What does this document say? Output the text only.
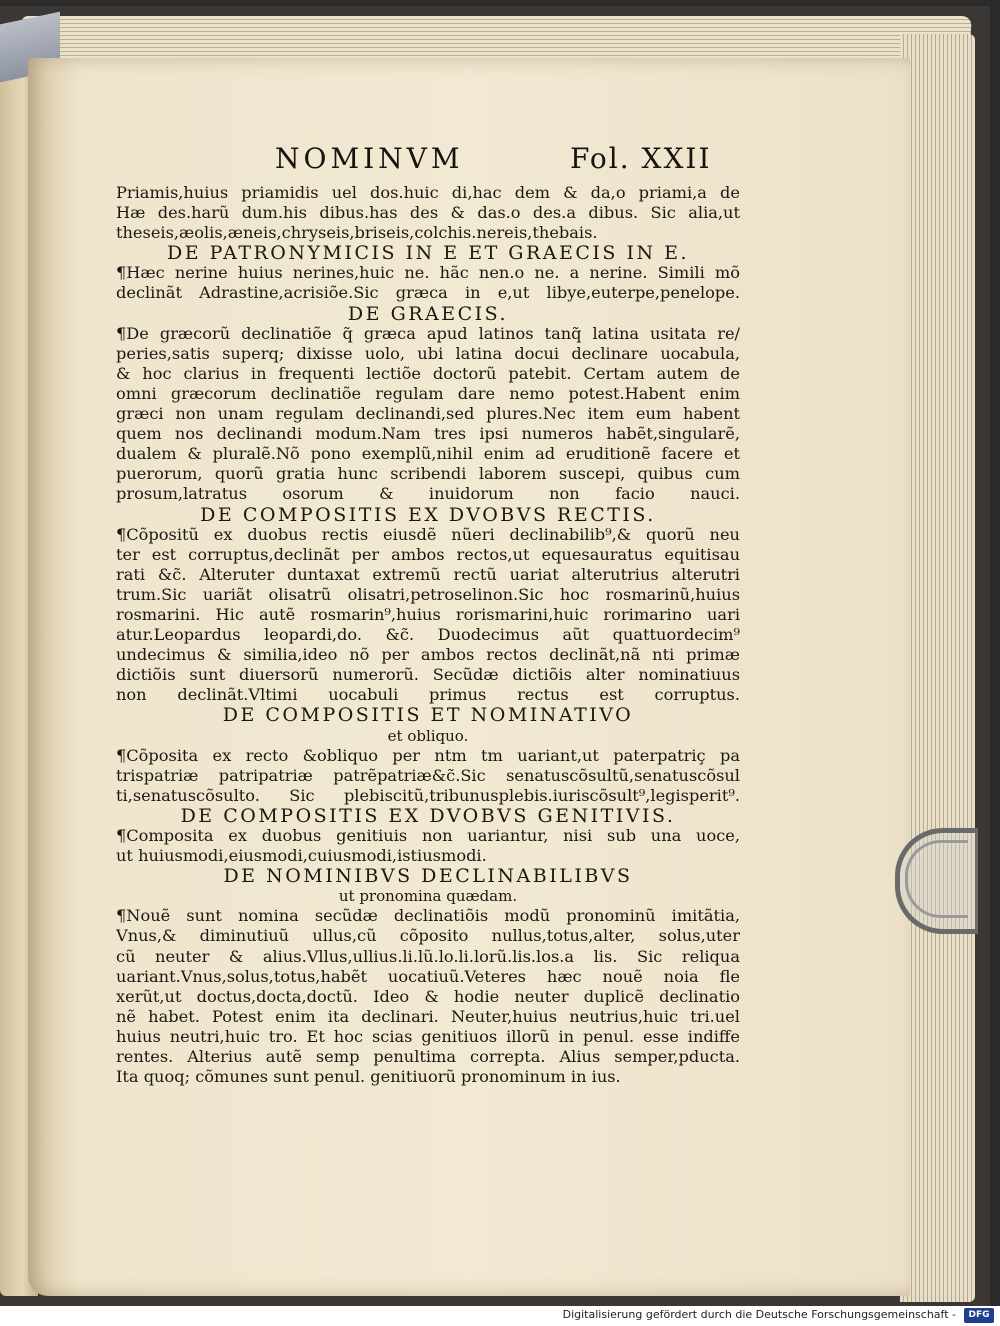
NOMINVM	Fol. XXII
Priamis,huius priamidis uel dos.huic di,hac dem & da,o priami,a de
Hæ des.harũ dum.his dibus.has des & das.o des.a dibus. Sic alia,ut
theseis,æolis,æneis,chryseis,briseis,colchis.nereis,thebais.
DE PATRONYMICIS IN E ET GRAECIS IN E.
¶Hæc nerine huius nerines,huic ne. hãc nen.o ne. a nerine. Simili mõ
declinãt Adrastine,acrisiõe.Sic græca in e,ut libye,euterpe,penelope.
DE GRAECIS.
¶De græcorũ declinatiõe q̃ græca apud latinos tanq̃ latina usitata re/
peries,satis superq; dixisse uolo, ubi latina docui declinare uocabula,
& hoc clarius in frequenti lectiõe doctorũ patebit. Certam autem de
omni græcorum declinatiõe regulam dare nemo potest.Habent enim
græci non unam regulam declinandi,sed plures.Nec item eum habent
quem nos declinandi modum.Nam tres ipsi numeros habẽt,singularẽ,
dualem & pluralẽ.Nõ pono exemplũ,nihil enim ad eruditionẽ facere et
puerorum, quorũ gratia hunc scribendi laborem suscepi, quibus cum
prosum,latratus osorum & inuidorum non facio nauci.
DE COMPOSITIS EX DVOBVS RECTIS.
¶Cõpositũ ex duobus rectis eiusdẽ nũeri declinabilib⁹,& quorũ neu
ter est corruptus,declinãt per ambos rectos,ut equesauratus equitisau
rati &c̃. Alteruter duntaxat extremũ rectũ uariat alterutrius alterutri
trum.Sic uariãt olisatrũ olisatri,petroselinon.Sic hoc rosmarinũ,huius
rosmarini. Hic autẽ rosmarin⁹,huius rorismarini,huic rorimarino uari
atur.Leopardus leopardi,do. &c̃. Duodecimus aũt quattuordecim⁹
undecimus & similia,ideo nõ per ambos rectos declinãt,nã nti primæ
dictiõis sunt diuersorũ numerorũ. Secũdæ dictiõis alter nominatiuus
non declinãt.Vltimi uocabuli primus rectus est corruptus.
DE COMPOSITIS ET NOMINATIVO
et obliquo.
¶Cõposita ex recto &obliquo per ntm tm uariant,ut paterpatriç pa
trispatriæ patripatriæ patrẽpatriæ&c̃.Sic senatuscõsultũ,senatuscõsul
ti,senatuscõsulto. Sic plebiscitũ,tribunusplebis.iuriscõsult⁹,legisperit⁹.
DE COMPOSITIS EX DVOBVS GENITIVIS.
¶Composita ex duobus genitiuis non uariantur, nisi sub una uoce,
ut huiusmodi,eiusmodi,cuiusmodi,istiusmodi.
DE NOMINIBVS DECLINABILIBVS
ut pronomina quædam.
¶Nouẽ sunt nomina secũdæ declinatiõis modũ pronominũ imitãtia,
Vnus,& diminutiuũ ullus,cũ cõposito nullus,totus,alter, solus,uter
cũ neuter & alius.Vllus,ullius.li.lũ.lo.li.lorũ.lis.los.a lis. Sic reliqua
uariant.Vnus,solus,totus,habẽt uocatiuũ.Veteres hæc nouẽ noia fle
xerũt,ut doctus,docta,doctũ. Ideo & hodie neuter duplicẽ declinatio
nẽ habet. Potest enim ita declinari. Neuter,huius neutrius,huic tri.uel
huius neutri,huic tro. Et hoc scias genitiuos illorũ in penul. esse indiffe
rentes. Alterius autẽ semp penultima correpta. Alius semper,pducta.
Ita quoq; cõmunes sunt penul. genitiuorũ pronominum in ius.
Digitalisierung gefördert durch die Deutsche Forschungsgemeinschaft -	DFG
